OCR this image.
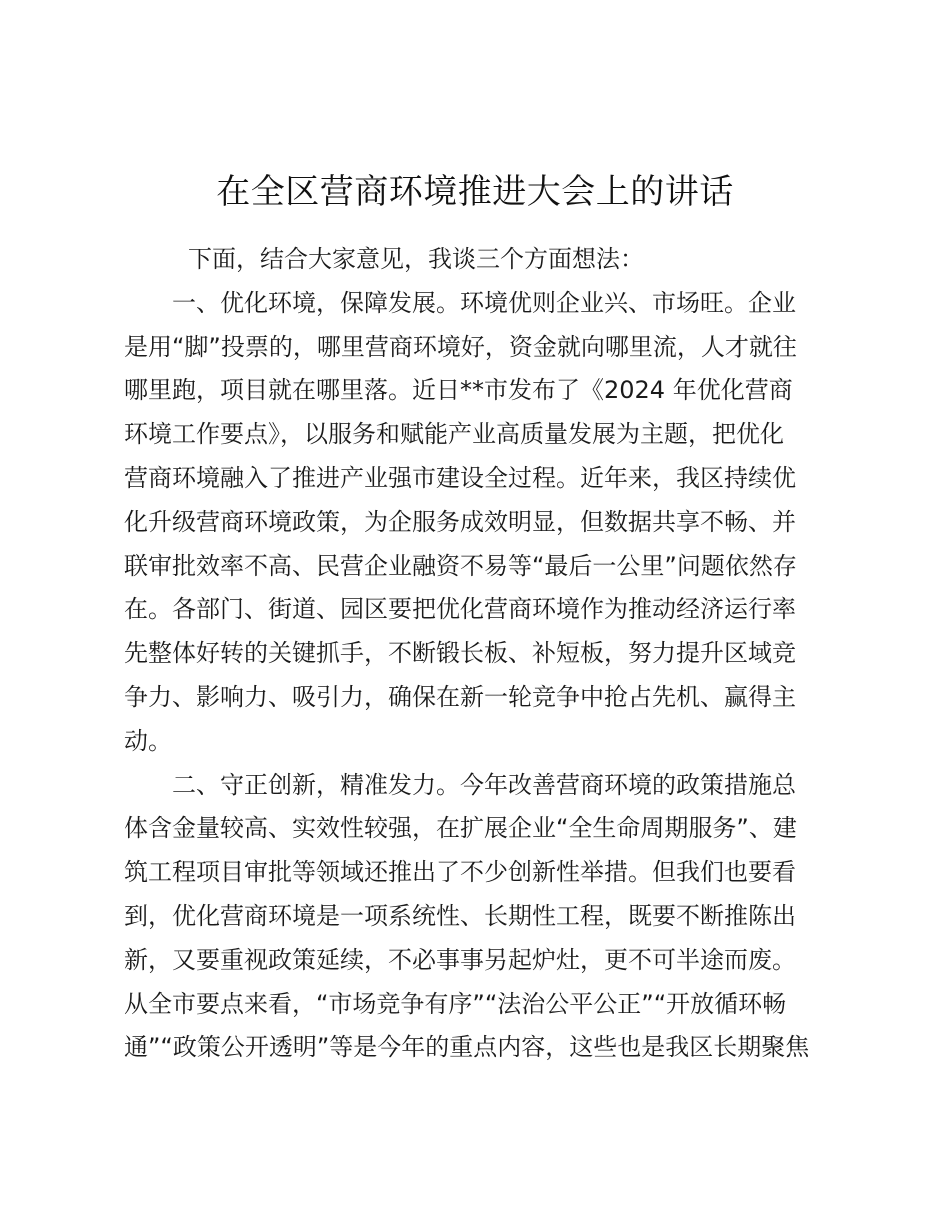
在全区营商环境推进大会上的讲话
下面，结合大家意见，我谈三个方面想法：
一、优化环境，保障发展。环境优则企业兴、市场旺。企业
是用“脚”投票的，哪里营商环境好，资金就向哪里流，人才就往
哪里跑，项目就在哪里落。近日**市发布了《2024 年优化营商
环境工作要点》，以服务和赋能产业高质量发展为主题，把优化
营商环境融入了推进产业强市建设全过程。近年来，我区持续优
化升级营商环境政策，为企服务成效明显，但数据共享不畅、并
联审批效率不高、民营企业融资不易等“最后一公里”问题依然存
在。各部门、街道、园区要把优化营商环境作为推动经济运行率
先整体好转的关键抓手，不断锻长板、补短板，努力提升区域竞
争力、影响力、吸引力，确保在新一轮竞争中抢占先机、赢得主
动。
二、守正创新，精准发力。今年改善营商环境的政策措施总
体含金量较高、实效性较强，在扩展企业“全生命周期服务”、建
筑工程项目审批等领域还推出了不少创新性举措。但我们也要看
到，优化营商环境是一项系统性、长期性工程，既要不断推陈出
新，又要重视政策延续，不必事事另起炉灶，更不可半途而废。
从全市要点来看，“市场竞争有序”“法治公平公正”“开放循环畅
通”“政策公开透明”等是今年的重点内容，这些也是我区长期聚焦
